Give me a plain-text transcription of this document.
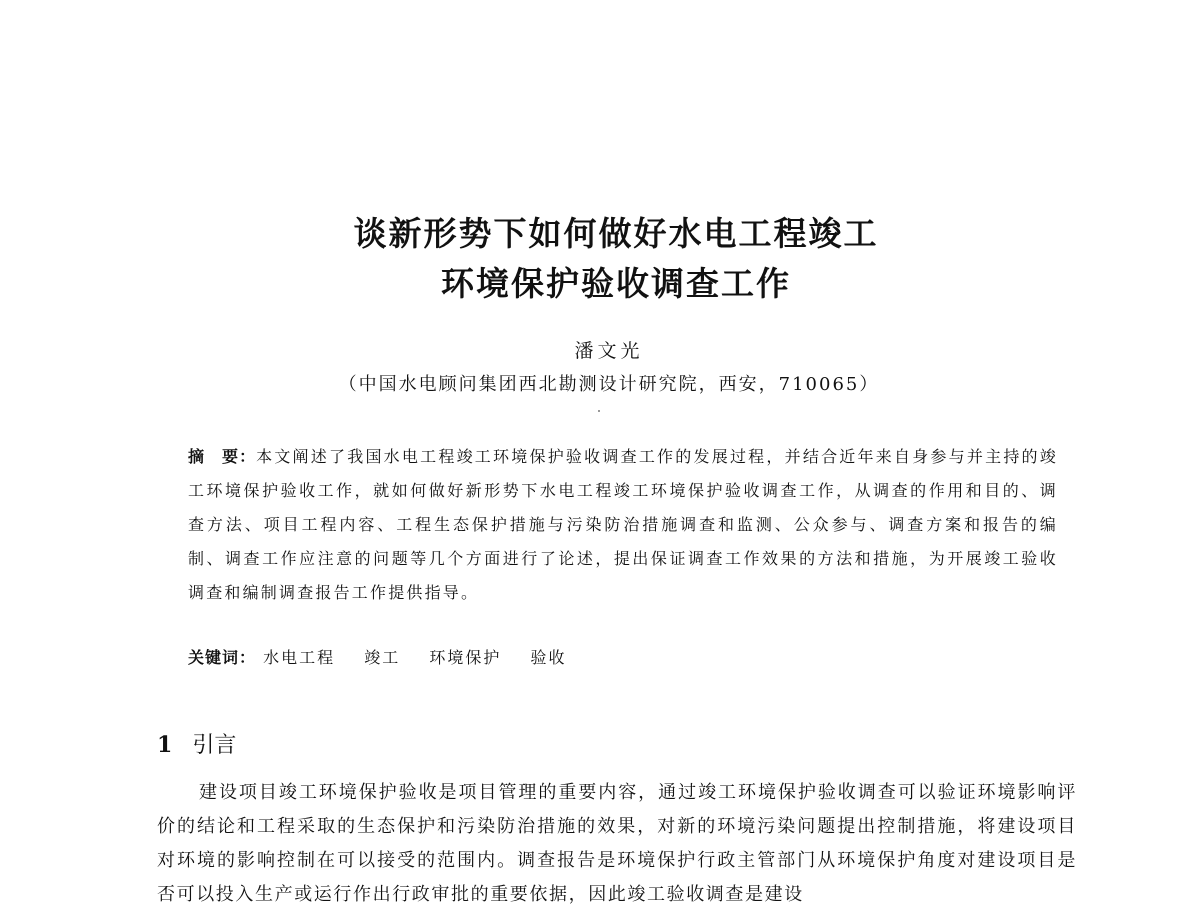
谈新形势下如何做好水电工程竣工
环境保护验收调查工作
潘文光
（中国水电顾问集团西北勘测设计研究院，西安，710065）
摘　要：本文阐述了我国水电工程竣工环境保护验收调查工作的发展过程，并结合近年来自身参与并主持的竣工环境保护验收工作，就如何做好新形势下水电工程竣工环境保护验收调查工作，从调查的作用和目的、调查方法、项目工程内容、工程生态保护措施与污染防治措施调查和监测、公众参与、调查方案和报告的编制、调查工作应注意的问题等几个方面进行了论述，提出保证调查工作效果的方法和措施，为开展竣工验收调查和编制调查报告工作提供指导。
关键词： 水电工程 竣工 环境保护 验收
1 引言
建设项目竣工环境保护验收是项目管理的重要内容，通过竣工环境保护验收调查可以验证环境影响评价的结论和工程采取的生态保护和污染防治措施的效果，对新的环境污染问题提出控制措施，将建设项目对环境的影响控制在可以接受的范围内。调查报告是环境保护行政主管部门从环境保护角度对建设项目是否可以投入生产或运行作出行政审批的重要依据，因此竣工验收调查是建设
